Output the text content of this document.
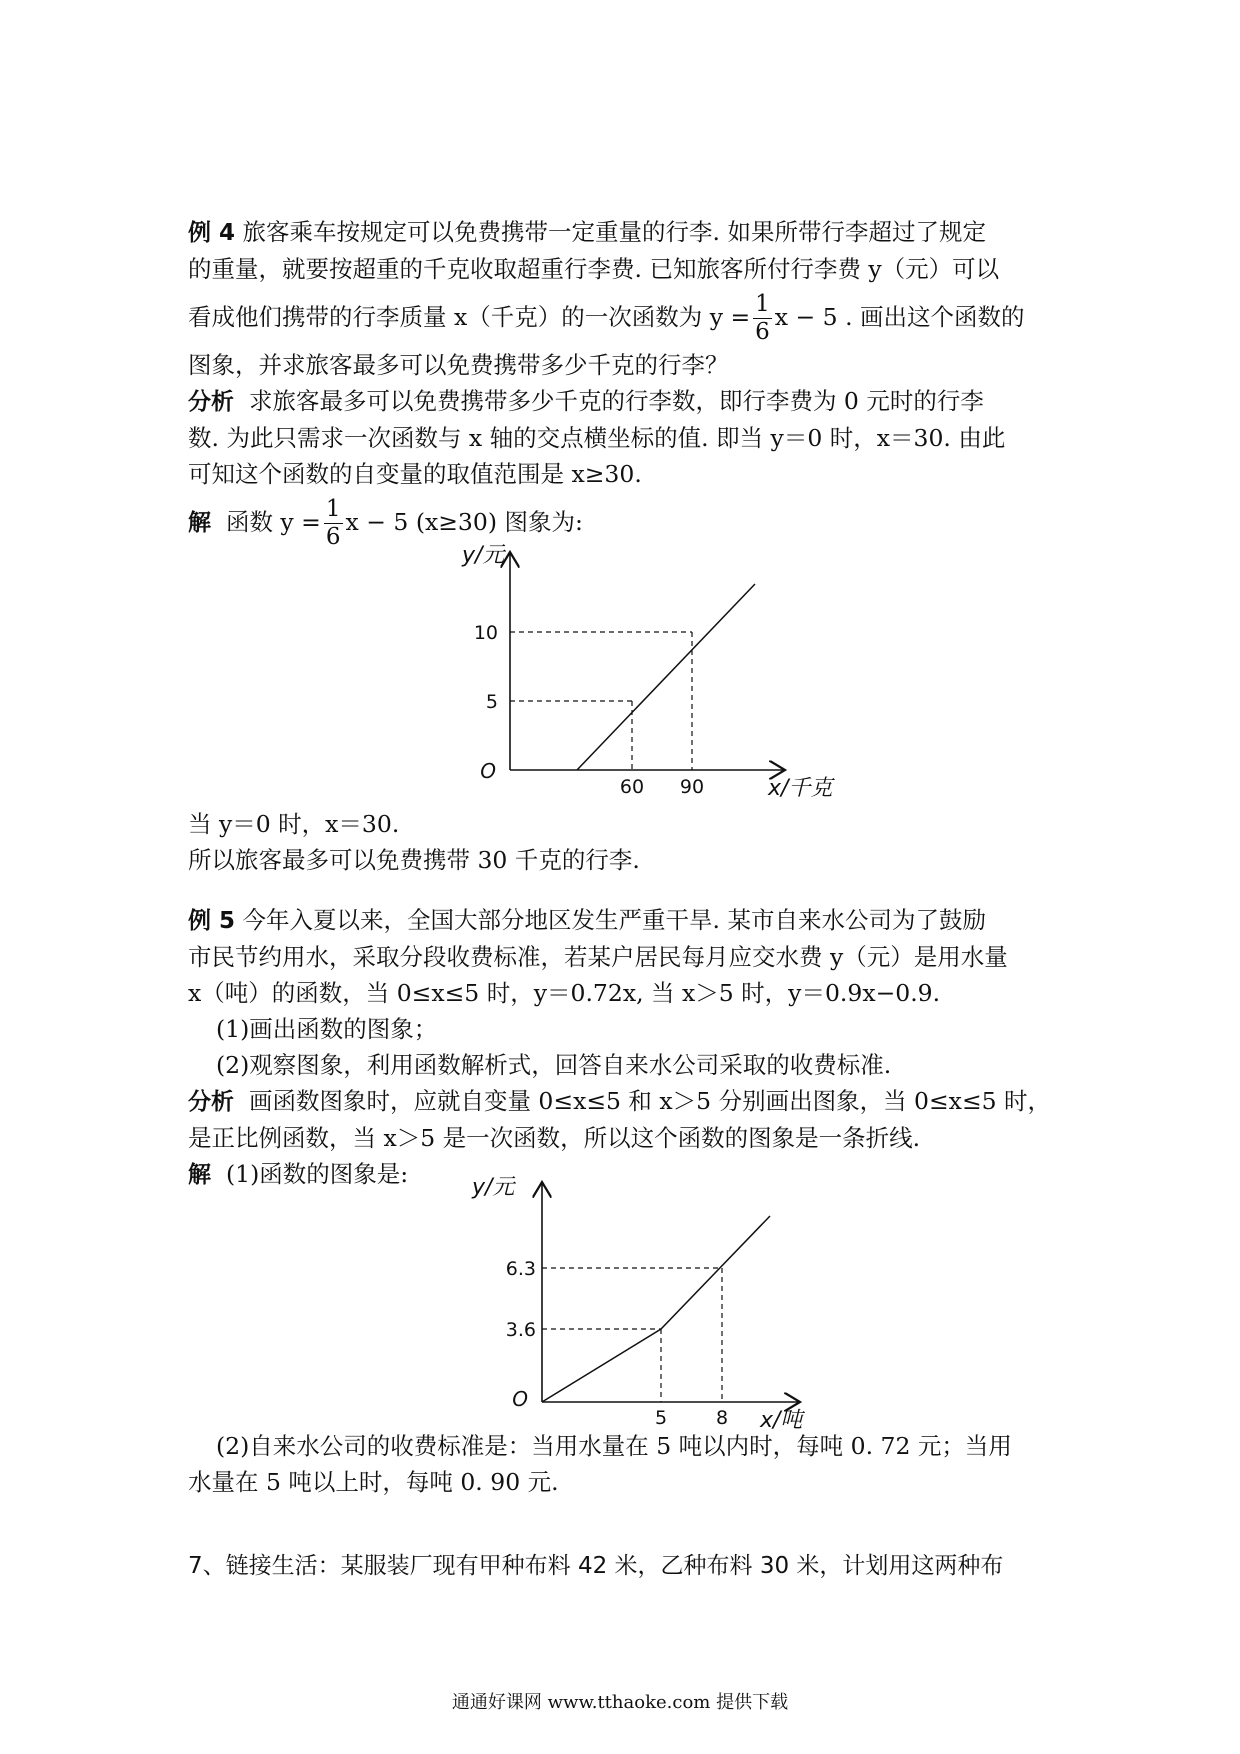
例 4 旅客乘车按规定可以免费携带一定重量的行李. 如果所带行李超过了规定
的重量，就要按超重的千克收取超重行李费. 已知旅客所付行李费 y（元）可以
看成他们携带的行李质量 x（千克）的一次函数为 $y = \frac{1}{6}$ x − 5 . 画出这个函数的
图象，并求旅客最多可以免费携带多少千克的行李？
分析 求旅客最多可以免费携带多少千克的行李数，即行李费为 0 元时的行李
数. 为此只需求一次函数与 x 轴的交点横坐标的值. 即当 y＝0 时，x＝30. 由此
可知这个函数的自变量的取值范围是 x≥30.
解 函数 $y = \frac{1}{6}$ x − 5 (x≥30) 图象为:
y/元
10
5
O
60 90	x/千克
当 y＝0 时，x＝30.
所以旅客最多可以免费携带 30 千克的行李.
例 5 今年入夏以来，全国大部分地区发生严重干旱. 某市自来水公司为了鼓励
市民节约用水，采取分段收费标准，若某户居民每月应交水费 y（元）是用水量
x（吨）的函数，当 0≤x≤5 时，y＝0.72x, 当 x＞5 时，y＝0.9x−0.9.
(1)画出函数的图象；
(2)观察图象，利用函数解析式，回答自来水公司采取的收费标准.
分析 画函数图象时，应就自变量 0≤x≤5 和 x＞5 分别画出图象，当 0≤x≤5 时，
是正比例函数，当 x＞5 是一次函数，所以这个函数的图象是一条折线.
解 (1)函数的图象是:	y/元
6.3
3.6
O
5	8 x/吨
(2)自来水公司的收费标准是：当用水量在 5 吨以内时，每吨 0. 72 元；当用
水量在 5 吨以上时，每吨 0. 90 元.
7、链接生活：某服装厂现有甲种布料 42 米，乙种布料 30 米，计划用这两种布
通通好课网 www.tthaoke.com 提供下载
